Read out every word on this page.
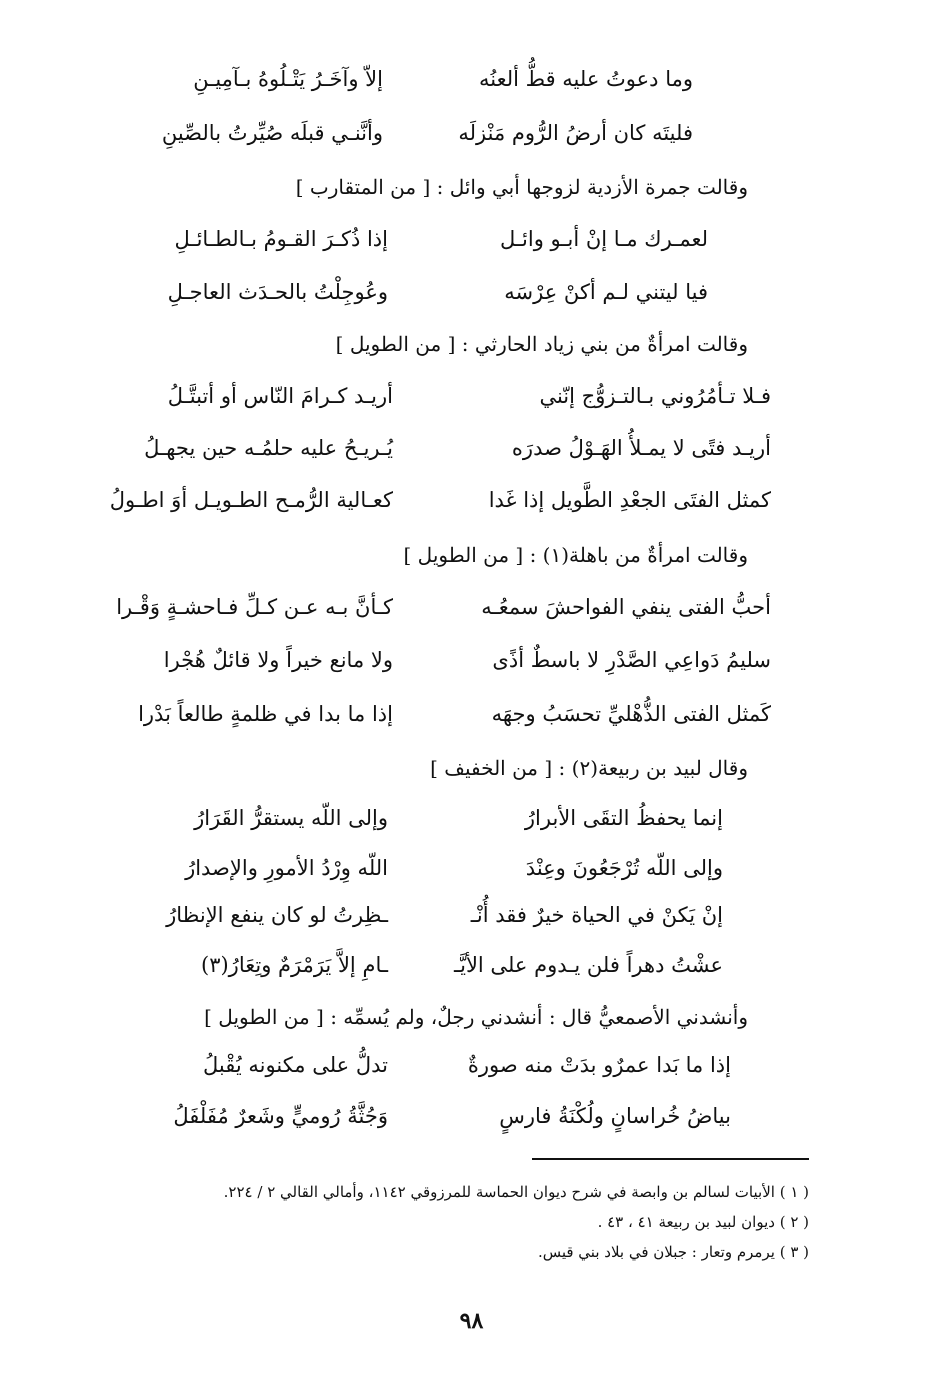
وما دعوتُ عليه قطُّ ألعنُه
إلاّ وآخَـرُ يَتْـلُوهُ بـآمِيـنِ
فليتَه كان أرضُ الرُّوم مَنْزلَه
وأنَّنـي قبلَه صُيِّرتُ بالصِّينِ
وقالت جمرة الأزدية لزوجها أبي وائل : [ من المتقارب ]
لعمـرك مـا إنْ أبـو وائـل
إذا ذُكـرَ القـومُ بـالطـائـلِ
فيا ليتني لـم أكنْ عِرْسَه
وعُوجِلْتُ بالحـدَث العاجـلِ
وقالت امرأةٌ من بني زياد الحارثي : [ من الطويل ]
فـلا تـأمُرُوني بـالتـزوُّج إنّني
أريـد كـرامَ النّاس أو أتبتَّـلُ
أريـد فتًى لا يمـلأُ الهَـوْلُ صدرَه
يُـريـحُ عليه حلمُـه حين يجهـلُ
كمثل الفتَى الجعْدِ الطَّويل إذا غَدا
كعـالية الرُّمـح الطـويـل أوَ اطـولُ
وقالت امرأةٌ من باهلة(١) : [ من الطويل ]
أحبُّ الفتى ينفي الفواحشَ سمعُـه
كـأنَّ بـه عـن كـلِّ فـاحشـةٍ وَقْـرا
سليمُ دَواعِي الصَّدْرِ لا باسطٌ أذًى
ولا مانع خيراً ولا قائلٌ هُجْرا
كَمثل الفتى الذُّهْليِّ تحسَبُ وجهَه
إذا ما بدا في ظلمةٍ طالعاً بَدْرا
وقال لبيد بن ربيعة(٢) : [ من الخفيف ]
إنما يحفظُ التقَى الأبرارُ
وإلى اللّه يستقرُّ القَرَارُ
وإلى اللّه تُرْجَعُونَ وعِنْدَ
اللّه وِرْدُ الأمورِ والإصدارُ
إنْ يَكنْ في الحياة خيرٌ فقد أُنْـ
ـظِرتُ لو كان ينفع الإنظارُ
عشْتُ دهراً فلن يـدوم على الأيَّـ
ـامِ إلاَّ يَرَمْرَمٌ وتِعَارُ(٣)
وأنشدني الأصمعيُّ قال : أنشدني رجلٌ، ولم يُسمِّه : [ من الطويل ]
إذا ما بَدا عمرٌو بدَتْ منه صورةٌ
تدلُّ على مكنونه يُقْبلُ
بياضُ خُراسانٍ ولُكْنَةُ فارسٍ
وَجُثَّةُ رُوميٍّ وشَعرٌ مُفَلْفَلُ
( ١ ) الأبيات لسالم بن وابصة في شرح ديوان الحماسة للمرزوقي ١١٤٢، وأمالي القالي ٢ / ٢٢٤.
( ٢ ) ديوان لبيد بن ربيعة ٤١ ، ٤٣ .
( ٣ ) يرمرم وتعار : جبلان في بلاد بني قيس.
٩٨
